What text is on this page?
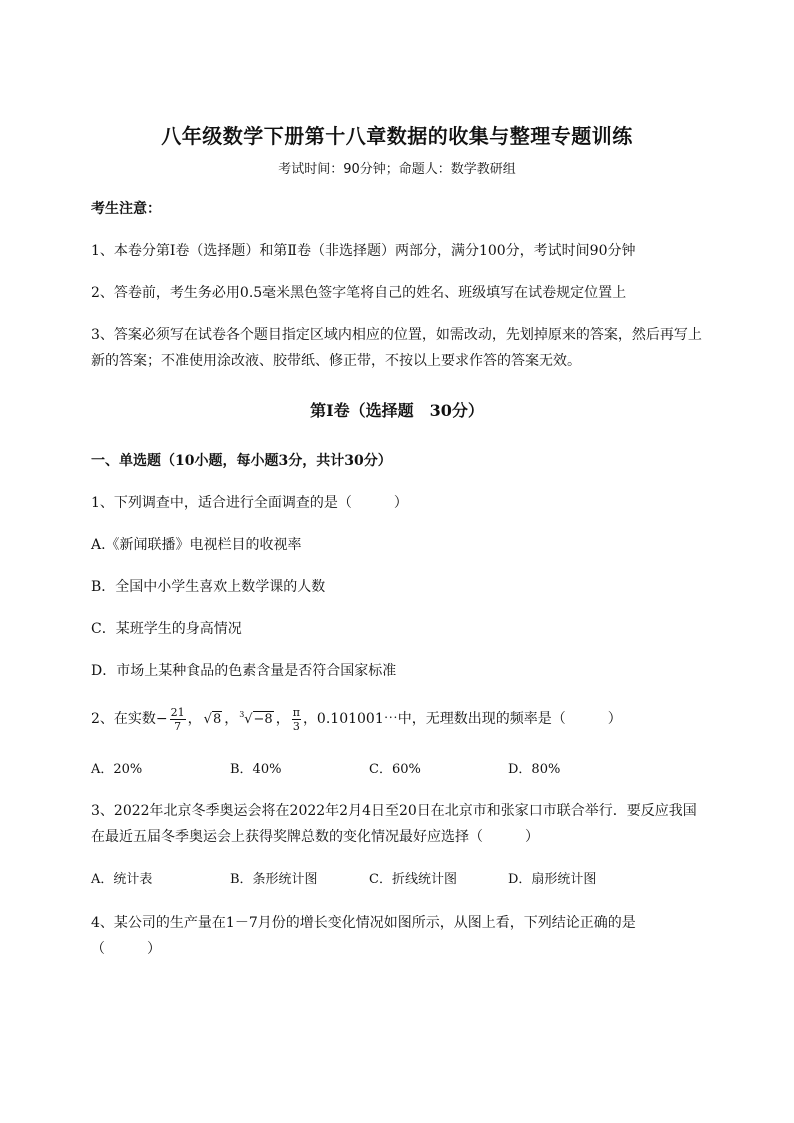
八年级数学下册第十八章数据的收集与整理专题训练
考试时间：90分钟；命题人：数学教研组
考生注意：
1、本卷分第Ⅰ卷（选择题）和第Ⅱ卷（非选择题）两部分，满分100分，考试时间90分钟
2、答卷前，考生务必用0.5毫米黑色签字笔将自己的姓名、班级填写在试卷规定位置上
3、答案必须写在试卷各个题目指定区域内相应的位置，如需改动，先划掉原来的答案，然后再写上新的答案；不准使用涂改液、胶带纸、修正带，不按以上要求作答的答案无效。
第Ⅰ卷（选择题　30分）
一、单选题（10小题，每小题3分，共计30分）
1、下列调查中，适合进行全面调查的是（　　　）
A.《新闻联播》电视栏目的收视率
B．全国中小学生喜欢上数学课的人数
C．某班学生的身高情况
D．市场上某种食品的色素含量是否符合国家标准
2、在实数− $\frac{21}{7}$ ， √8 ， 3 √−8 ， $\frac{\pi}{3}$ ，0.101001⋯中，无理数出现的频率是（　　　）
A．20%	B．40%	C．60%	D．80%
3、2022年北京冬季奥运会将在2022年2月4日至20日在北京市和张家口市联合举行．要反应我国
在最近五届冬季奥运会上获得奖牌总数的变化情况最好应选择（　　　）
A．统计表	B．条形统计图	C．折线统计图	D．扇形统计图
4、某公司的生产量在1－7月份的增长变化情况如图所示，从图上看，下列结论正确的是
（　　　）
